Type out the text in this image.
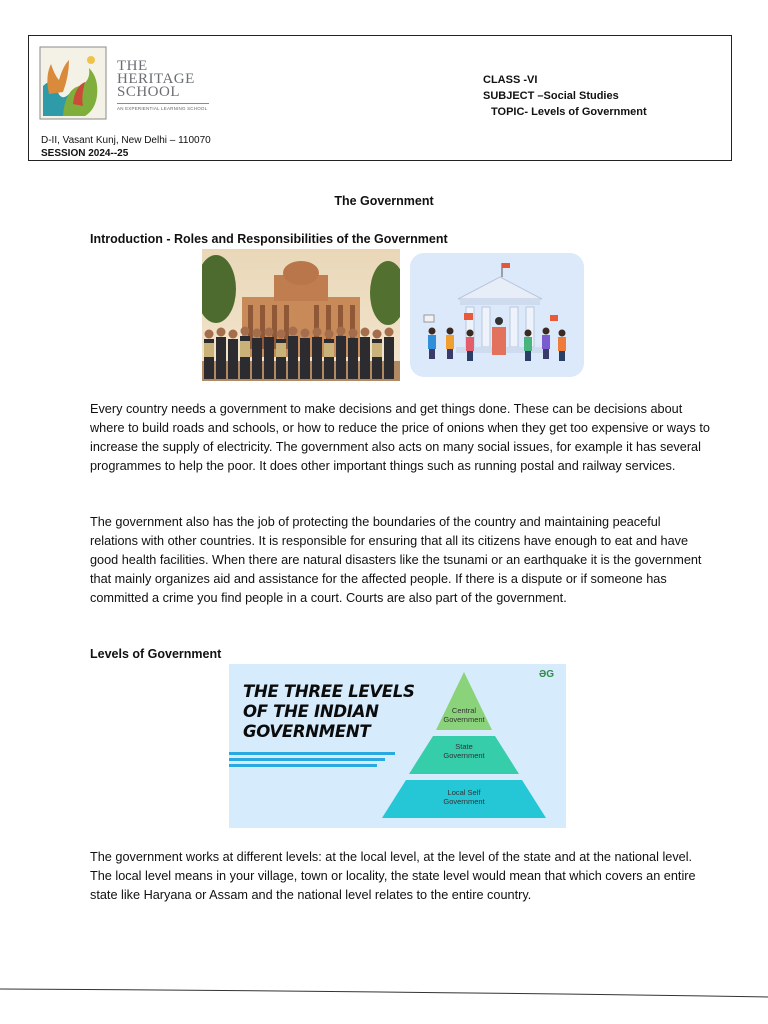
THE
HERITAGE
SCHOOL
AN EXPERIENTIAL LEARNING SCHOOL
D-II, Vasant Kunj, New Delhi – 110070
SESSION 2024--25
CLASS -VI
SUBJECT –Social Studies
TOPIC- Levels of Government
The Government
Introduction - Roles and Responsibilities of the Government

Every country needs a government to make decisions and get things done. These can be decisions about where to build roads and schools, or how to reduce the price of onions when they get too expensive or ways to increase the supply of electricity. The government also acts on many social issues, for example it has several programmes to help the poor. It does other important things such as running postal and railway services.

The government also has the job of protecting the boundaries of the country and maintaining peaceful relations with other countries. It is responsible for ensuring that all its citizens have enough to eat and have good health facilities. When there are natural disasters like the tsunami or an earthquake it is the government that mainly organizes aid and assistance for the affected people. If there is a dispute or if someone has committed a crime you find people in a court. Courts are also part of the government.

Levels of Government
THE THREE LEVELS
OF THE INDIAN
GOVERNMENT
ƏG
Central
Government
State
Government
Local Self
Government

The government works at different levels: at the local level, at the level of the state and at the national level. The local level means in your village, town or locality, the state level would mean that which covers an entire state like Haryana or Assam and the national level relates to the entire country.
